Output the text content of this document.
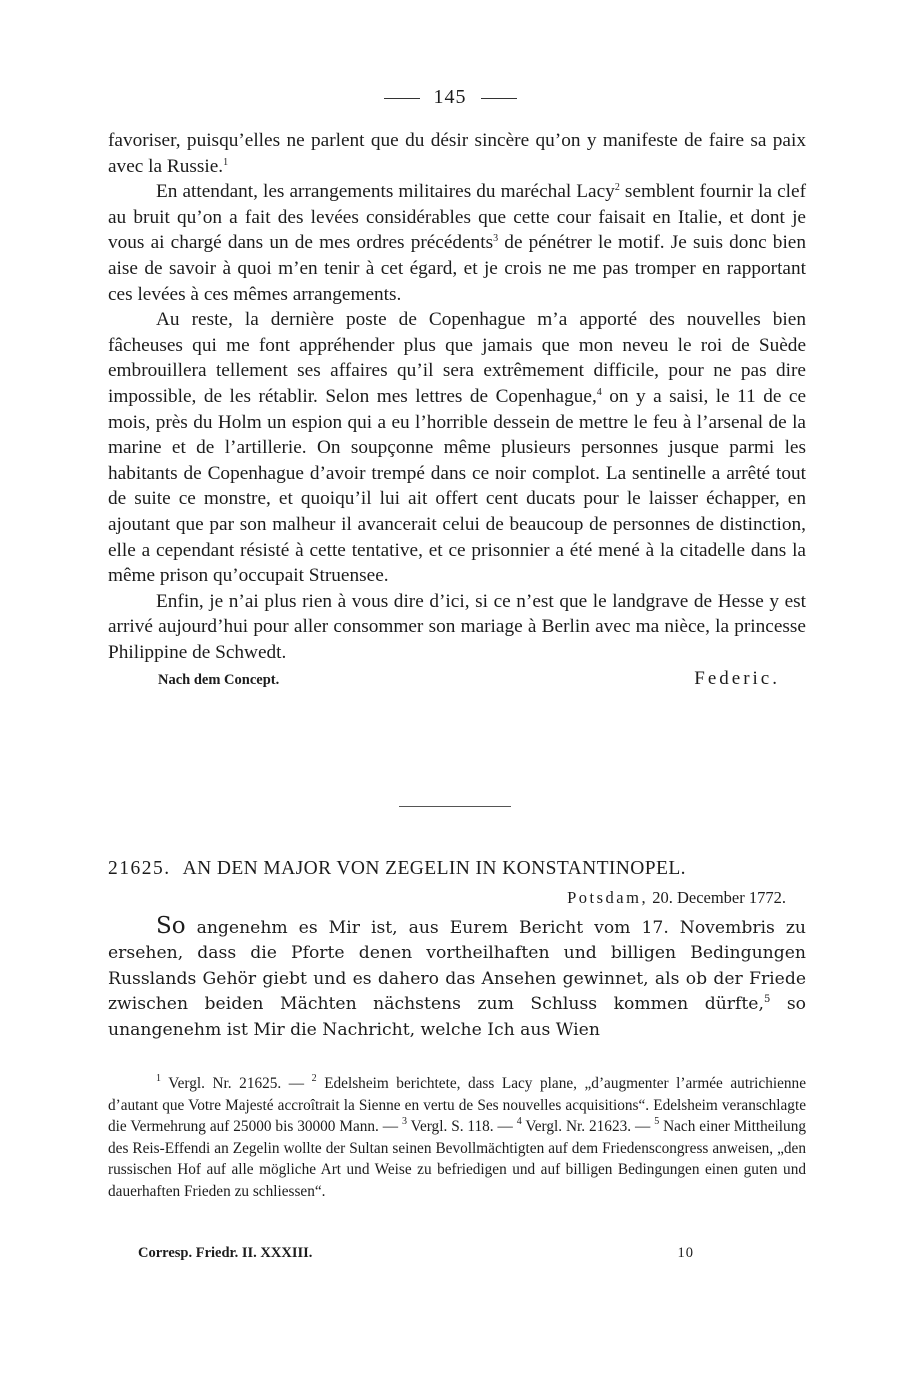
145

favoriser, puisqu’elles ne parlent que du désir sincère qu’on y manifeste de faire sa paix avec la Russie.$^1$

En attendant, les arrangements militaires du maréchal Lacy$^2$ semblent fournir la clef au bruit qu’on a fait des levées considérables que cette cour faisait en Italie, et dont je vous ai chargé dans un de mes ordres précédents$^3$ de pénétrer le motif. Je suis donc bien aise de savoir à quoi m’en tenir à cet égard, et je crois ne me pas tromper en rapportant ces levées à ces mêmes arrangements.

Au reste, la dernière poste de Copenhague m’a apporté des nouvelles bien fâcheuses qui me font appréhender plus que jamais que mon neveu le roi de Suède embrouillera tellement ses affaires qu’il sera extrêmement difficile, pour ne pas dire impossible, de les rétablir. Selon mes lettres de Copenhague,$^4$ on y a saisi, le 11 de ce mois, près du Holm un espion qui a eu l’horrible dessein de mettre le feu à l’arsenal de la marine et de l’artillerie. On soupçonne même plusieurs personnes jusque parmi les habitants de Copenhague d’avoir trempé dans ce noir complot. La sentinelle a arrêté tout de suite ce monstre, et quoiqu’il lui ait offert cent ducats pour le laisser échapper, en ajoutant que par son malheur il avancerait celui de beaucoup de personnes de distinction, elle a cependant résisté à cette tentative, et ce prisonnier a été mené à la citadelle dans la même prison qu’occupait Struensee.

Enfin, je n’ai plus rien à vous dire d’ici, si ce n’est que le landgrave de Hesse y est arrivé aujourd’hui pour aller consommer son mariage à Berlin avec ma nièce, la princesse Philippine de Schwedt.

Nach dem Concept.	Federic.
21625. AN DEN MAJOR VON ZEGELIN IN KONSTANTINOPEL.
Potsdam, 20. December 1772.

So angenehm es Mir ist, aus Eurem Bericht vom 17. Novembris zu ersehen, dass die Pforte denen vortheilhaften und billigen Bedingungen Russlands Gehör giebt und es dahero das Ansehen gewinnet, als ob der Friede zwischen beiden Mächten nächstens zum Schluss kommen dürfte,$^5$ so unangenehm ist Mir die Nachricht, welche Ich aus Wien

$^1$ Vergl. Nr. 21625. — $^2$ Edelsheim berichtete, dass Lacy plane, „d’augmenter l’armée autrichienne d’autant que Votre Majesté accroîtrait la Sienne en vertu de Ses nouvelles acquisitions“. Edelsheim veranschlagte die Vermehrung auf 25000 bis 30000 Mann. — $^3$ Vergl. S. 118. — $^4$ Vergl. Nr. 21623. — $^5$ Nach einer Mittheilung des Reis-Effendi an Zegelin wollte der Sultan seinen Bevollmächtigten auf dem Friedenscongress anweisen, „den russischen Hof auf alle mögliche Art und Weise zu befriedigen und auf billigen Bedingungen einen guten und dauerhaften Frieden zu schliessen“.

Corresp. Friedr. II. XXXIII.	10
